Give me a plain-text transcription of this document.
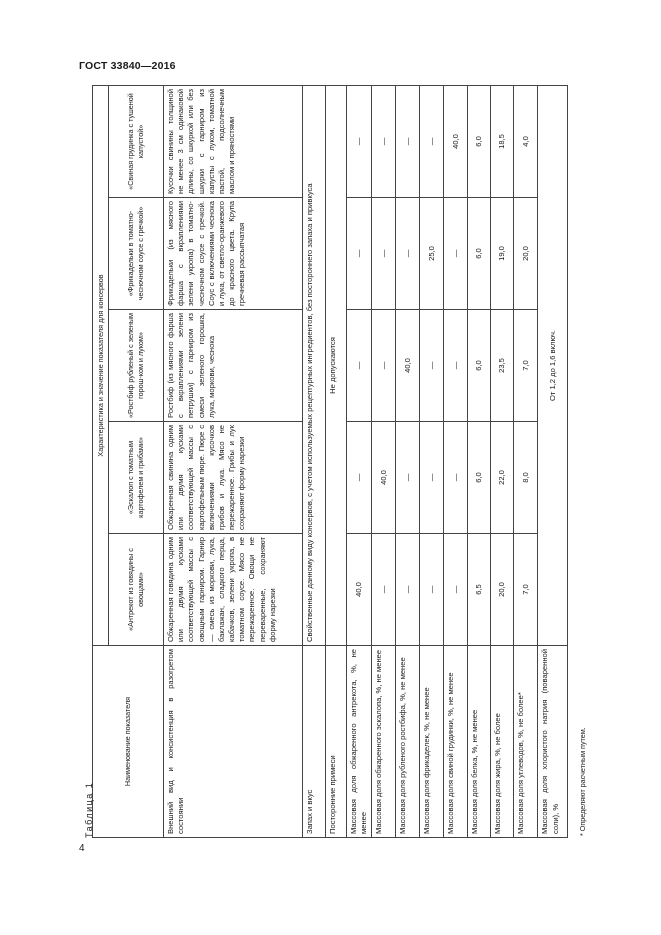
ГОСТ 33840—2016
4
Таблица 1
Наименование показателя	Характеристика и значение показателя для консервов				
	«Антрекот из говядины с овощами»	«Эскалоп с томатным картофелем и грибами»	«Ростбиф рубленый с зеленым горош-ком и луком»	«Фрикадельки в томатно-чесночном соусе с гречкой»	«Свиная грудинка с тушеной капустой»
Внешний вид и консистенция в разогретом состоянии	Обжаренная говядина одним или двумя кусками соответствующей массы с овощным гарниром. Гарнир — смесь из моркови, лука, баклажан, сладкого перца, кабачков, зелени укропа, в томатном соусе. Мясо не пережаренное. Овощи не переваренные, сохраняют форму нарезки	Обжаренная свинина одним или двумя кусками соответствующей массы с картофельным пюре. Пюре с включениями кусочков грибов и лука. Мясо не пережаренное. Грибы и лук сохраняют форму нарезки	Ростбиф (из мясного фарша с вкраплениями зелени петрушки) с гарниром из смеси зеленого горошка, лука, моркови, чеснока	Фрикадельки (из мясного фарша с вкраплениями зелени укропа) в томатно-чесночном соусе с гречкой. Соус с включениями чеснока и лука, от светло-оранжевого до красного цвета. Крупа гречневая рассыпчатая	Кусочки свинины толщиной не менее 3 см одинаковой длины, со шкуркой или без шкурки с гарниром из капусты с луком, томатной пастой, подсолнечным маслом и пряностями
Запах и вкус	Свойственные данному виду консервов, с учетом используемых рецептурных ингредиентов, без постороннего запаха и привкуса				
Посторонние примеси	Не допускаются				
Массовая доля обжаренного антрекота, %, не менее	40,0	—	—	—	—
Массовая доля обжаренного эскалопа, %, не менее	—	40,0	—	—	—
Массовая доля рубленого ростбифа, %, не менее	—	—	40,0	—	—
Массовая доля фрикаделек, %, не менее	—	—	—	25,0	—
Массовая доля свиной грудинки, %, не менее	—	—	—	—	40,0
Массовая доля белка, %, не менее	6,5	6,0	6,0	6,0	6,0
Массовая доля жира, %, не более	20,0	22,0	23,5	19,0	18,5
Массовая доля углеводов, %, не более*	7,0	8,0	7,0	20,0	4,0
Массовая доля хлористого натрия (поваренной соли), %	От 1,2 до 1,6 включ.				
* Определяют расчетным путем.
